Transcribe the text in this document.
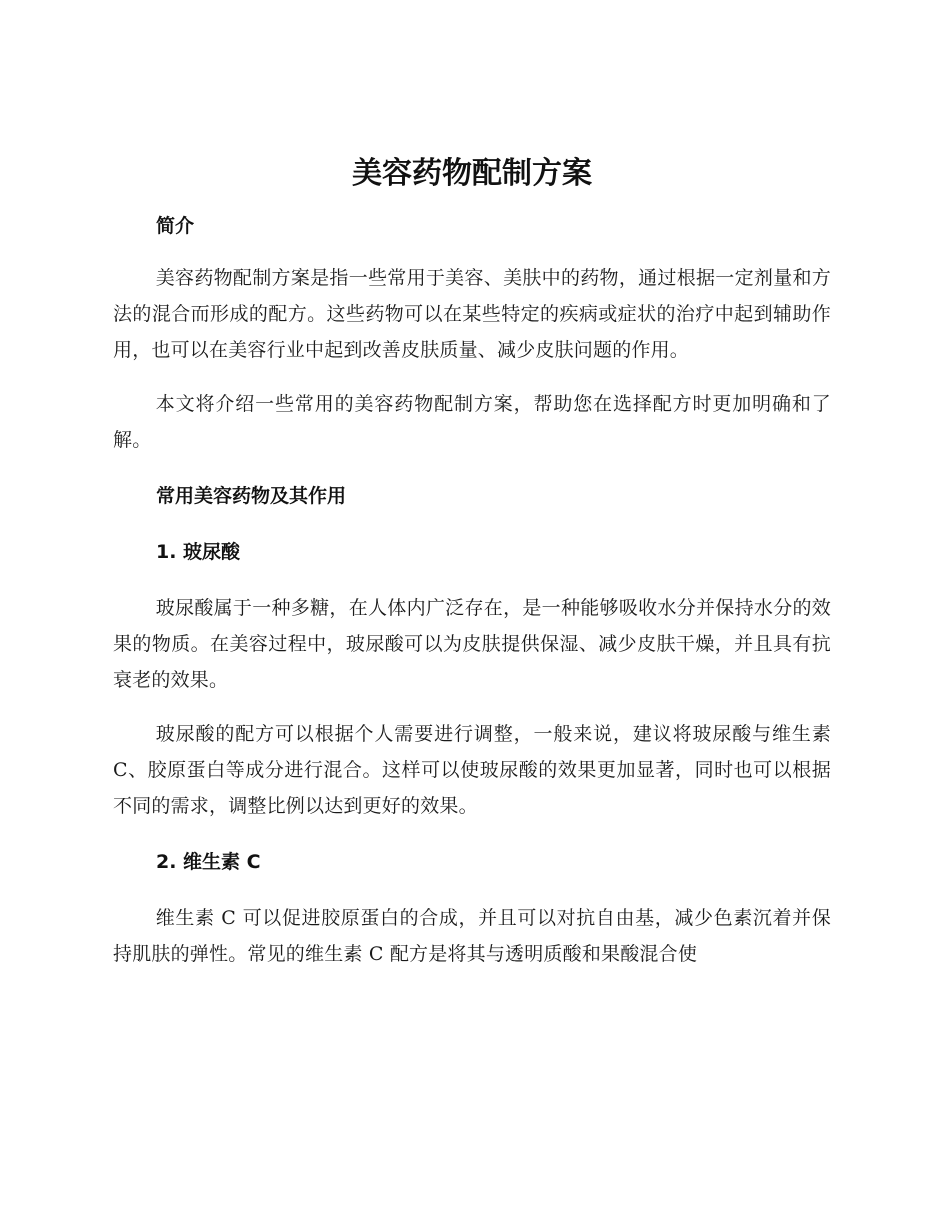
美容药物配制方案
简介

美容药物配制方案是指一些常用于美容、美肤中的药物，通过根据一定剂量和方法的混合而形成的配方。这些药物可以在某些特定的疾病或症状的治疗中起到辅助作用，也可以在美容行业中起到改善皮肤质量、减少皮肤问题的作用。

本文将介绍一些常用的美容药物配制方案，帮助您在选择配方时更加明确和了解。

常用美容药物及其作用
1. 玻尿酸

玻尿酸属于一种多糖，在人体内广泛存在，是一种能够吸收水分并保持水分的效果的物质。在美容过程中，玻尿酸可以为皮肤提供保湿、减少皮肤干燥，并且具有抗衰老的效果。

玻尿酸的配方可以根据个人需要进行调整，一般来说，建议将玻尿酸与维生素 C、胶原蛋白等成分进行混合。这样可以使玻尿酸的效果更加显著，同时也可以根据不同的需求，调整比例以达到更好的效果。

2. 维生素 C

维生素 C 可以促进胶原蛋白的合成，并且可以对抗自由基，减少色素沉着并保持肌肤的弹性。常见的维生素 C 配方是将其与透明质酸和果酸混合使
